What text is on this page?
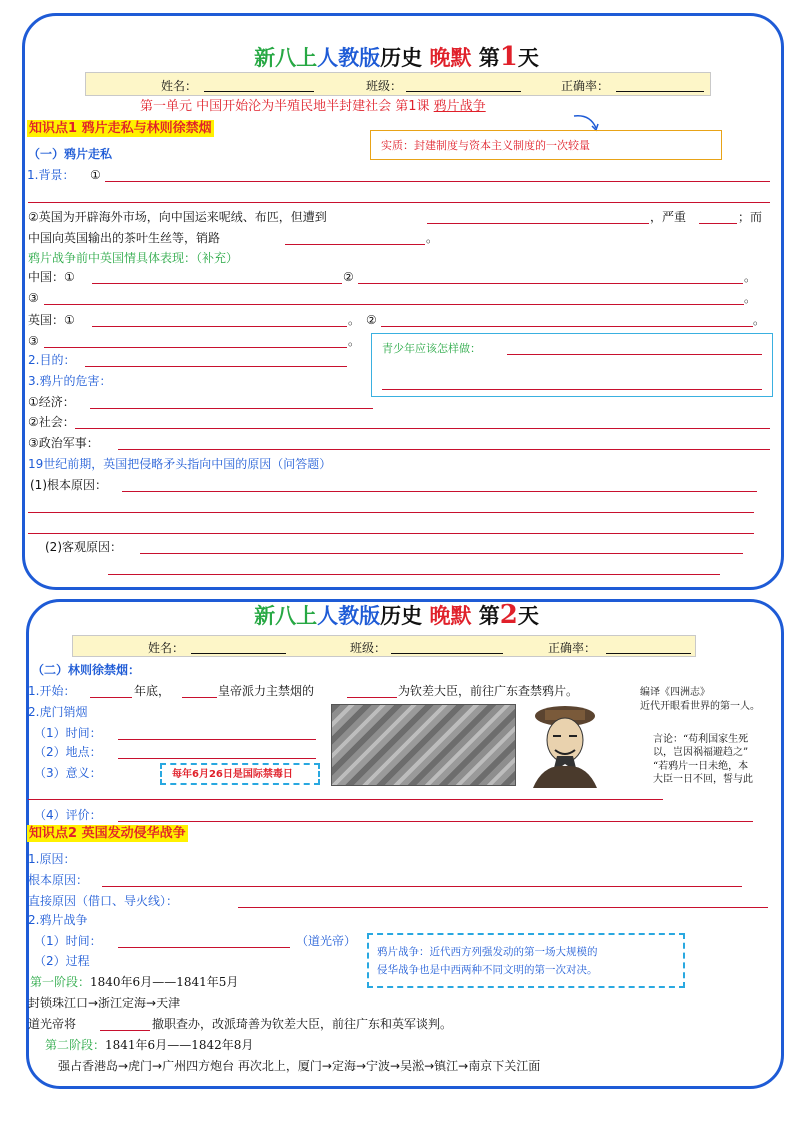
新八上人教版历史 晚默 第1天
姓名：	班级：	正确率：
第一单元 中国开始沦为半殖民地半封建社会 第1课 鸦片战争
知识点1 鸦片走私与林则徐禁烟
实质：封建制度与资本主义制度的一次较量
（一）鸦片走私
1.背景： ①
②英国为开辟海外市场，向中国运来呢绒、布匹，但遭到	，严重	；而
中国向英国输出的茶叶生丝等，销路	。
鸦片战争前中英国情具体表现：（补充）
中国：①	②	。
③	。
英国：①	。 ②	。
③	。
青少年应该怎样做：
2.目的：
3.鸦片的危害：
①经济：
②社会：
③政治军事：
19世纪前期，英国把侵略矛头指向中国的原因（问答题）
(1)根本原因：
(2)客观原因：
新八上人教版历史 晚默 第2天
姓名：	班级：	正确率：
（二）林则徐禁烟：
1.开始：	年底，	皇帝派力主禁烟的	为钦差大臣，前往广东查禁鸦片。	编译《四洲志》
近代开眼看世界的第一人。
2.虎门销烟
（1）时间：
（2）地点：
（3）意义：	每年6月26日是国际禁毒日
言论：“苟利国家生死
以，岂因祸福避趋之”
“若鸦片一日未绝，本
大臣一日不回，誓与此
（4）评价：
知识点2 英国发动侵华战争
1.原因：
根本原因：
直接原因（借口、导火线）：
2.鸦片战争
（1）时间：	（道光帝）
（2）过程
鸦片战争：近代西方列强发动的第一场大规模的
侵华战争也是中西两种不同文明的第一次对决。
第一阶段：1840年6月——1841年5月
封锁珠江口→浙江定海→天津
道光帝将	撤职查办，改派琦善为钦差大臣，前往广东和英军谈判。
第二阶段：1841年6月——1842年8月
强占香港岛→虎门→广州四方炮台 再次北上，厦门→定海→宁波→吴淞→镇江→南京下关江面
